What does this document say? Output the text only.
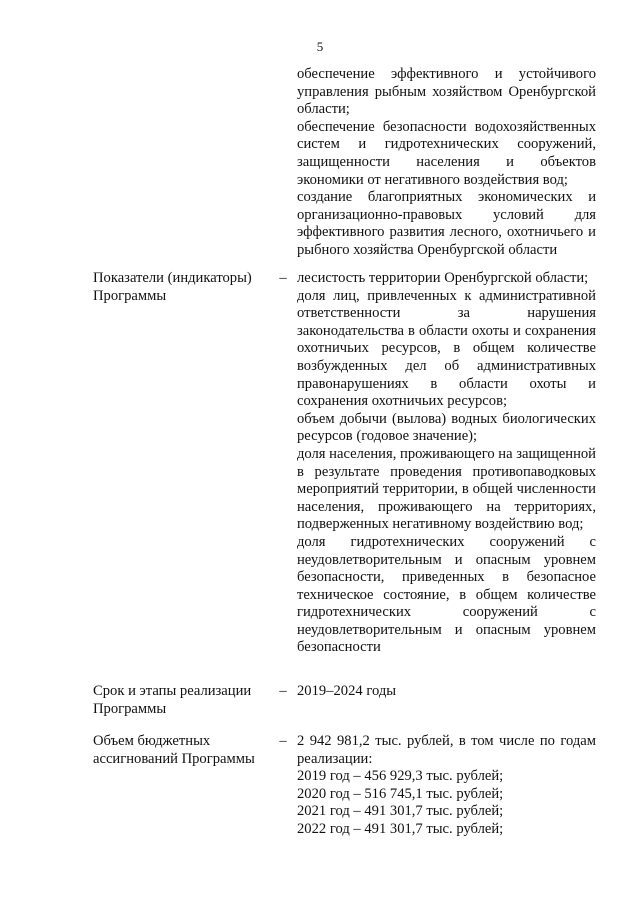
5

обеспечение эффективного и устойчивого управления рыбным хозяйством Оренбургской области;

обеспечение безопасности водохозяйственных систем и гидротехнических сооружений, защищенности населения и объектов экономики от негативного воздействия вод;

создание благоприятных экономических и организационно-правовых условий для эффективного развития лесного, охотничьего и рыбного хозяйства Оренбургской области

Показатели (индикаторы) Программы
– лесистость территории Оренбургской области;

доля лиц, привлеченных к административной ответственности за нарушения законодательства в области охоты и сохранения охотничьих ресурсов, в общем количестве возбужденных дел об административных правонарушениях в области охоты и сохранения охотничьих ресурсов;

объем добычи (вылова) водных биологических ресурсов (годовое значение);

доля населения, проживающего на защищенной в результате проведения противопаводковых мероприятий территории, в общей численности населения, проживающего на территориях, подверженных негативному воздействию вод;

доля гидротехнических сооружений с неудовлетворительным и опасным уровнем безопасности, приведенных в безопасное техническое состояние, в общем количестве гидротехнических сооружений с неудовлетворительным и опасным уровнем безопасности

Срок и этапы реализации Программы
– 2019–2024 годы

Объем бюджетных ассигнований Программы
– 2 942 981,2 тыс. рублей, в том числе по годам реализации:

2019 год – 456 929,3 тыс. рублей;

2020 год – 516 745,1 тыс. рублей;

2021 год – 491 301,7 тыс. рублей;

2022 год – 491 301,7 тыс. рублей;
